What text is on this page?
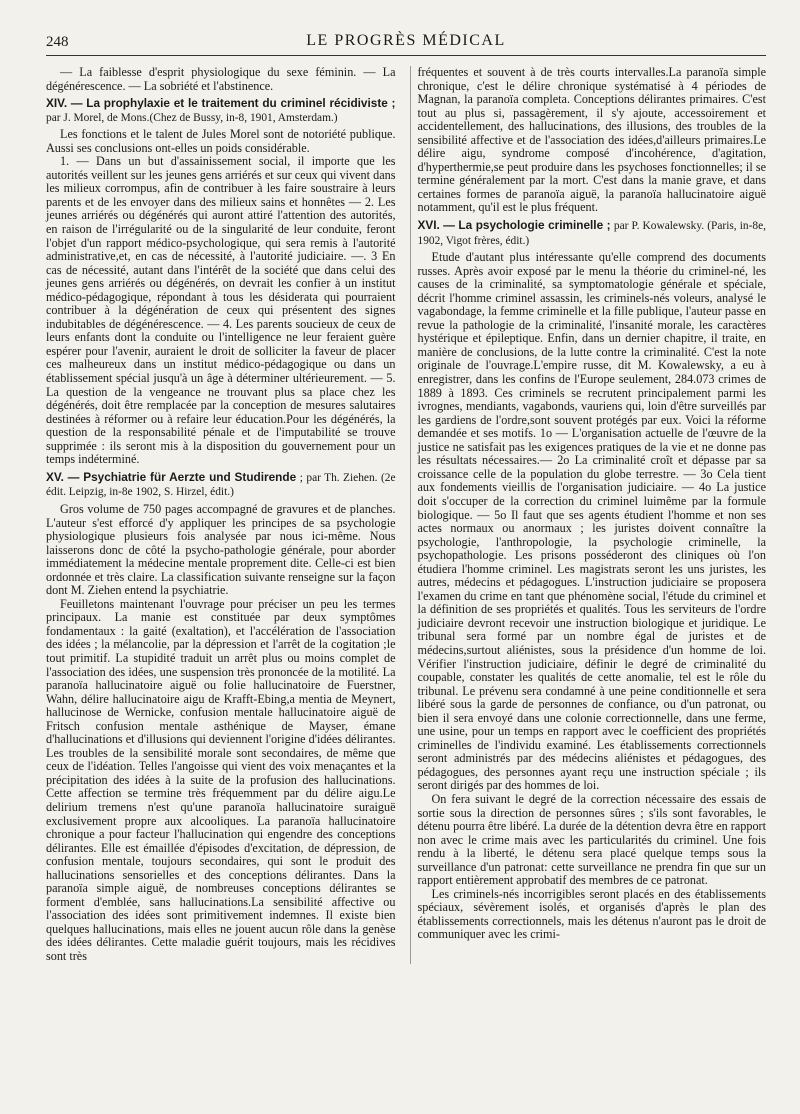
248	LE PROGRÈS MÉDICAL

— La faiblesse d'esprit physiologique du sexe féminin. — La dégénérescence. — La sobriété et l'abstinence.

XIV. — La prophylaxie et le traitement du criminel récidiviste ; par J. Morel, de Mons.(Chez de Bussy, in-8, 1901, Amsterdam.)

Les fonctions et le talent de Jules Morel sont de notoriété publique. Aussi ses conclusions ont-elles un poids considérable.

1. — Dans un but d'assainissement social, il importe que les autorités veillent sur les jeunes gens arriérés et sur ceux qui vivent dans les milieux corrompus, afin de contribuer à les faire soustraire à leurs parents et de les envoyer dans des milieux sains et honnêtes — 2. Les jeunes arriérés ou dégénérés qui auront attiré l'attention des autorités, en raison de l'irrégularité ou de la singularité de leur conduite, feront l'objet d'un rapport médico-psychologique, qui sera remis à l'autorité administrative,et, en cas de nécessité, à l'autorité judiciaire. —. 3 En cas de nécessité, autant dans l'intérêt de la société que dans celui des jeunes gens arriérés ou dégénérés, on devrait les confier à un institut médico-pédagogique, répondant à tous les désiderata qui pourraient contribuer à la dégénération de ceux qui présentent des signes indubitables de dégénérescence. — 4. Les parents soucieux de ceux de leurs enfants dont la conduite ou l'intelligence ne leur feraient guère espérer pour l'avenir, auraient le droit de solliciter la faveur de placer ces malheureux dans un institut médico-pédagogique ou dans un établissement spécial jusqu'à un âge à déterminer ultérieurement. — 5. La question de la vengeance ne trouvant plus sa place chez les dégénérés, doit être remplacée par la conception de mesures salutaires destinées à réformer ou à refaire leur éducation.Pour les dégénérés, la question de la responsabilité pénale et de l'imputabilité se trouve supprimée : ils seront mis à la disposition du gouvernement pour un temps indéterminé.

XV. — Psychiatrie für Aerzte und Studirende ; par Th. Ziehen. (2e édit. Leipzig, in-8e 1902, S. Hirzel, édit.)

Gros volume de 750 pages accompagné de gravures et de planches. L'auteur s'est efforcé d'y appliquer les principes de sa psychologie physiologique plusieurs fois analysée par nous ici-même. Nous laisserons donc de côté la psycho-pathologie générale, pour aborder immédiatement la médecine mentale proprement dite. Celle-ci est bien ordonnée et très claire. La classification suivante renseigne sur la façon dont M. Ziehen entend la psychiatrie.

Feuilletons maintenant l'ouvrage pour préciser un peu les termes principaux. La manie est constituée par deux symptômes fondamentaux : la gaité (exaltation), et l'accélération de l'association des idées ; la mélancolie, par la dépression et l'arrêt de la cogitation ;le tout primitif. La stupidité traduit un arrêt plus ou moins complet de l'association des idées, une suspension très prononcée de la motilité. La paranoïa hallucinatoire aiguë ou folie hallucinatoire de Fuerstner, Wahn, délire hallucinatoire aigu de Krafft-Ebing,a mentia de Meynert, hallucinose de Wernicke, confusion mentale hallucinatoire aiguë de Fritsch confusion mentale asthénique de Mayser, émane d'hallucinations et d'illusions qui deviennent l'origine d'idées délirantes. Les troubles de la sensibilité morale sont secondaires, de même que ceux de l'idéation. Telles l'angoisse qui vient des voix menaçantes et la précipitation des idées à la suite de la profusion des hallucinations. Cette affection se termine très fréquemment par du délire aigu.Le delirium tremens n'est qu'une paranoïa hallucinatoire suraiguë exclusivement propre aux alcooliques. La paranoïa hallucinatoire chronique a pour facteur l'hallucination qui engendre des conceptions délirantes. Elle est émaillée d'épisodes d'excitation, de dépression, de confusion mentale, toujours secondaires, qui sont le produit des hallucinations sensorielles et des conceptions délirantes. Dans la paranoïa simple aiguë, de nombreuses conceptions délirantes se forment d'emblée, sans hallucinations.La sensibilité affective ou l'association des idées sont primitivement indemnes. Il existe bien quelques hallucinations, mais elles ne jouent aucun rôle dans la genèse des idées délirantes. Cette maladie guérit toujours, mais les récidives sont très

fréquentes et souvent à de très courts intervalles.La paranoïa simple chronique, c'est le délire chronique systématisé à 4 périodes de Magnan, la paranoïa completa. Conceptions délirantes primaires. C'est tout au plus si, passagèrement, il s'y ajoute, accessoirement et accidentellement, des hallucinations, des illusions, des troubles de la sensibilité affective et de l'association des idées,d'ailleurs primaires.Le délire aigu, syndrome composé d'incohérence, d'agitation, d'hyperthermie,se peut produire dans les psychoses fonctionnelles; il se termine généralement par la mort. C'est dans la manie grave, et dans certaines formes de paranoïa aiguë, la paranoïa hallucinatoire aiguë notamment, qu'il est le plus fréquent.

XVI. — La psychologie criminelle ; par P. Kowalewsky. (Paris, in-8e, 1902, Vigot frères, édit.)

Etude d'autant plus intéressante qu'elle comprend des documents russes. Après avoir exposé par le menu la théorie du criminel-né, les causes de la criminalité, sa symptomatologie générale et spéciale, décrit l'homme criminel assassin, les criminels-nés voleurs, analysé le vagabondage, la femme criminelle et la fille publique, l'auteur passe en revue la pathologie de la criminalité, l'insanité morale, les caractères hystérique et épileptique. Enfin, dans un dernier chapitre, il traite, en manière de conclusions, de la lutte contre la criminalité. C'est la note originale de l'ouvrage.L'empire russe, dit M. Kowalewsky, a eu à enregistrer, dans les confins de l'Europe seulement, 284.073 crimes de 1889 à 1893. Ces criminels se recrutent principalement parmi les ivrognes, mendiants, vagabonds, vauriens qui, loin d'être surveillés par les gardiens de l'ordre,sont souvent protégés par eux. Voici la réforme demandée et ses motifs. 1o — L'organisation actuelle de l'œuvre de la justice ne satisfait pas les exigences pratiques de la vie et ne donne pas les résultats nécessaires.— 2o La criminalité croît et dépasse par sa croissance celle de la population du globe terrestre. — 3o Cela tient aux fondements vieillis de l'organisation judiciaire. — 4o La justice doit s'occuper de la correction du criminel luimême par la formule biologique. — 5o Il faut que ses agents étudient l'homme et non ses actes normaux ou anormaux ; les juristes doivent connaître la psychologie, l'anthropologie, la psychologie criminelle, la psychopathologie. Les prisons posséderont des cliniques où l'on étudiera l'homme criminel. Les magistrats seront les uns juristes, les autres, médecins et pédagogues. L'instruction judiciaire se proposera l'examen du crime en tant que phénomène social, l'étude du criminel et la définition de ses propriétés et qualités. Tous les serviteurs de l'ordre judiciaire devront recevoir une instruction biologique et juridique. Le tribunal sera formé par un nombre égal de juristes et de médecins,surtout aliénistes, sous la présidence d'un homme de loi. Vérifier l'instruction judiciaire, définir le degré de criminalité du coupable, constater les qualités de cette anomalie, tel est le rôle du tribunal. Le prévenu sera condamné à une peine conditionnelle et sera libéré sous la garde de personnes de confiance, ou d'un patronat, ou bien il sera envoyé dans une colonie correctionnelle, dans une ferme, une usine, pour un temps en rapport avec le coefficient des propriétés criminelles de l'individu examiné. Les établissements correctionnels seront administrés par des médecins aliénistes et pédagogues, des pédagogues, des personnes ayant reçu une instruction spéciale ; ils seront dirigés par des hommes de loi.

On fera suivant le degré de la correction nécessaire des essais de sortie sous la direction de personnes sûres ; s'ils sont favorables, le détenu pourra être libéré. La durée de la détention devra être en rapport non avec le crime mais avec les particularités du criminel. Une fois rendu à la liberté, le détenu sera placé quelque temps sous la surveillance d'un patronat: cette surveillance ne prendra fin que sur un rapport entièrement approbatif des membres de ce patronat.

Les criminels-nés incorrigibles seront placés en des établissements spéciaux, sévèrement isolés, et organisés d'après le plan des établissements correctionnels, mais les détenus n'auront pas le droit de communiquer avec les crimi-
